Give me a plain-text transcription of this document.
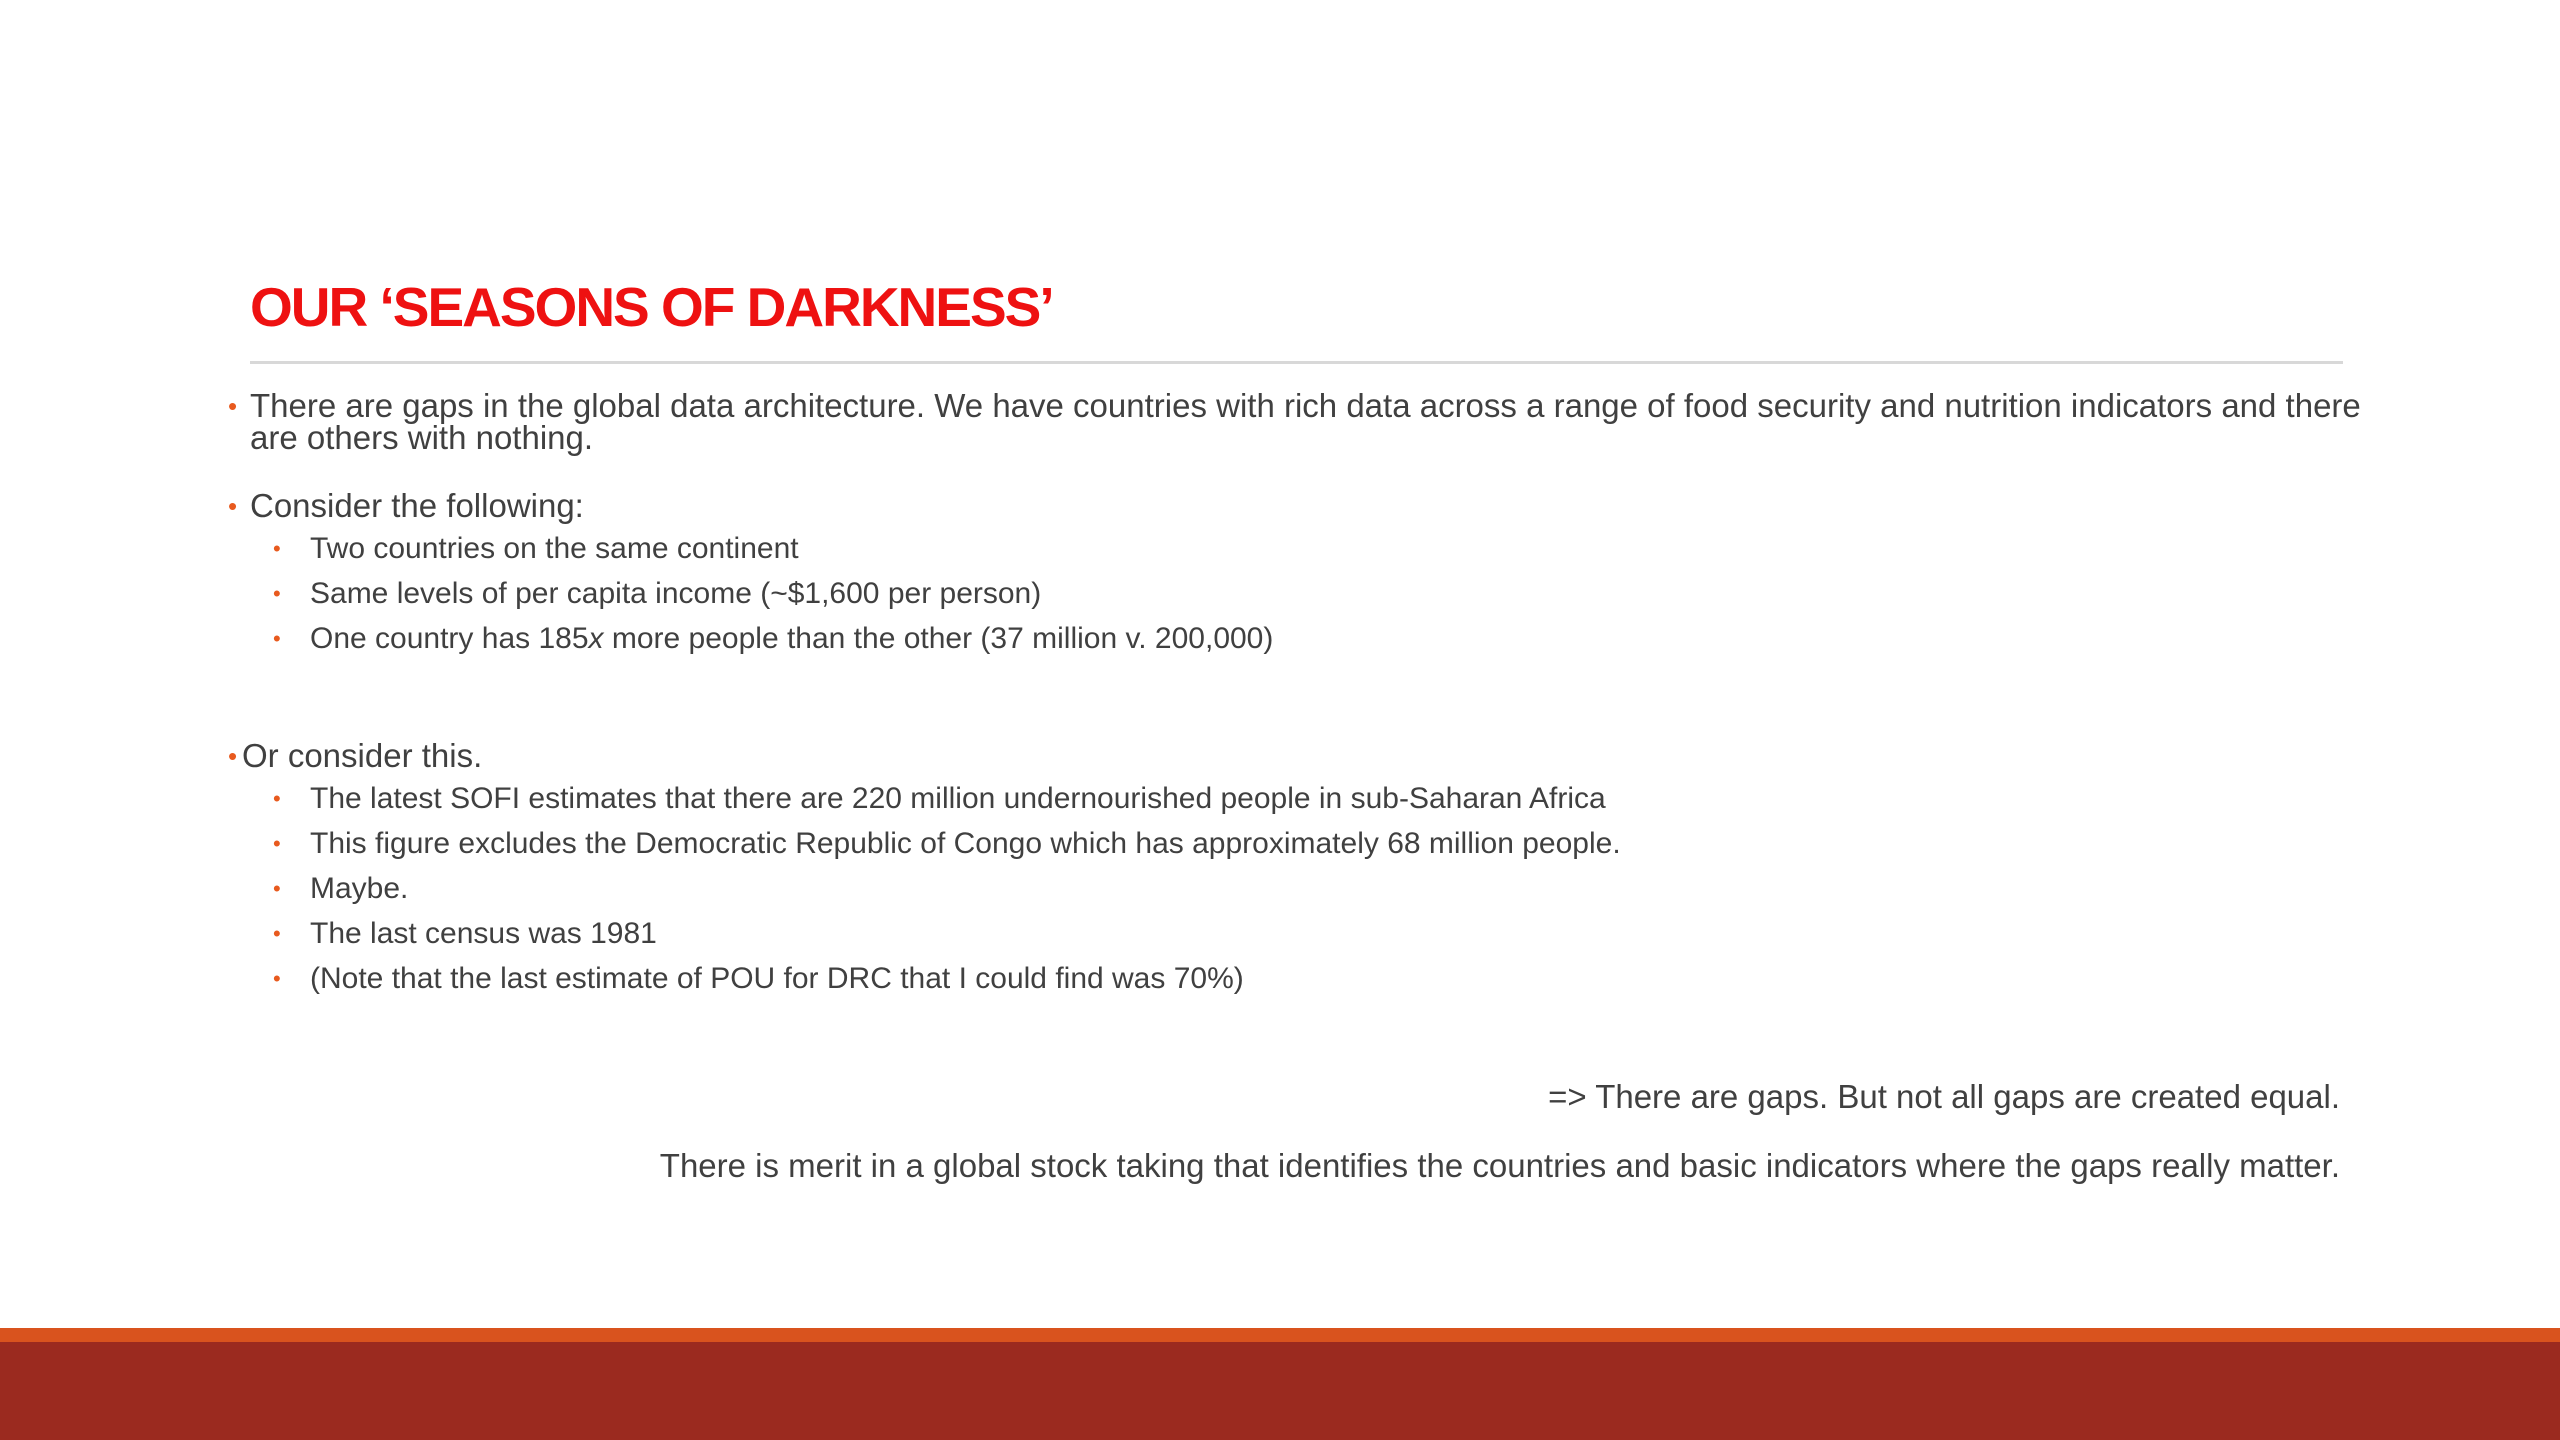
OUR ‘SEASONS OF DARKNESS’
• There are gaps in the global data architecture. We have countries with rich data across a range of food security and nutrition indicators and there are others with nothing.
• Consider the following:
• Two countries on the same continent
• Same levels of per capita income (~$1,600 per person)
• One country has 185x more people than the other (37 million v. 200,000)
• Or consider this.
• The latest SOFI estimates that there are 220 million undernourished people in sub-Saharan Africa
• This figure excludes the Democratic Republic of Congo which has approximately 68 million people.
• Maybe.
• The last census was 1981
• (Note that the last estimate of POU for DRC that I could find was 70%)
=> There are gaps. But not all gaps are created equal.
There is merit in a global stock taking that identifies the countries and basic indicators where the gaps really matter.
